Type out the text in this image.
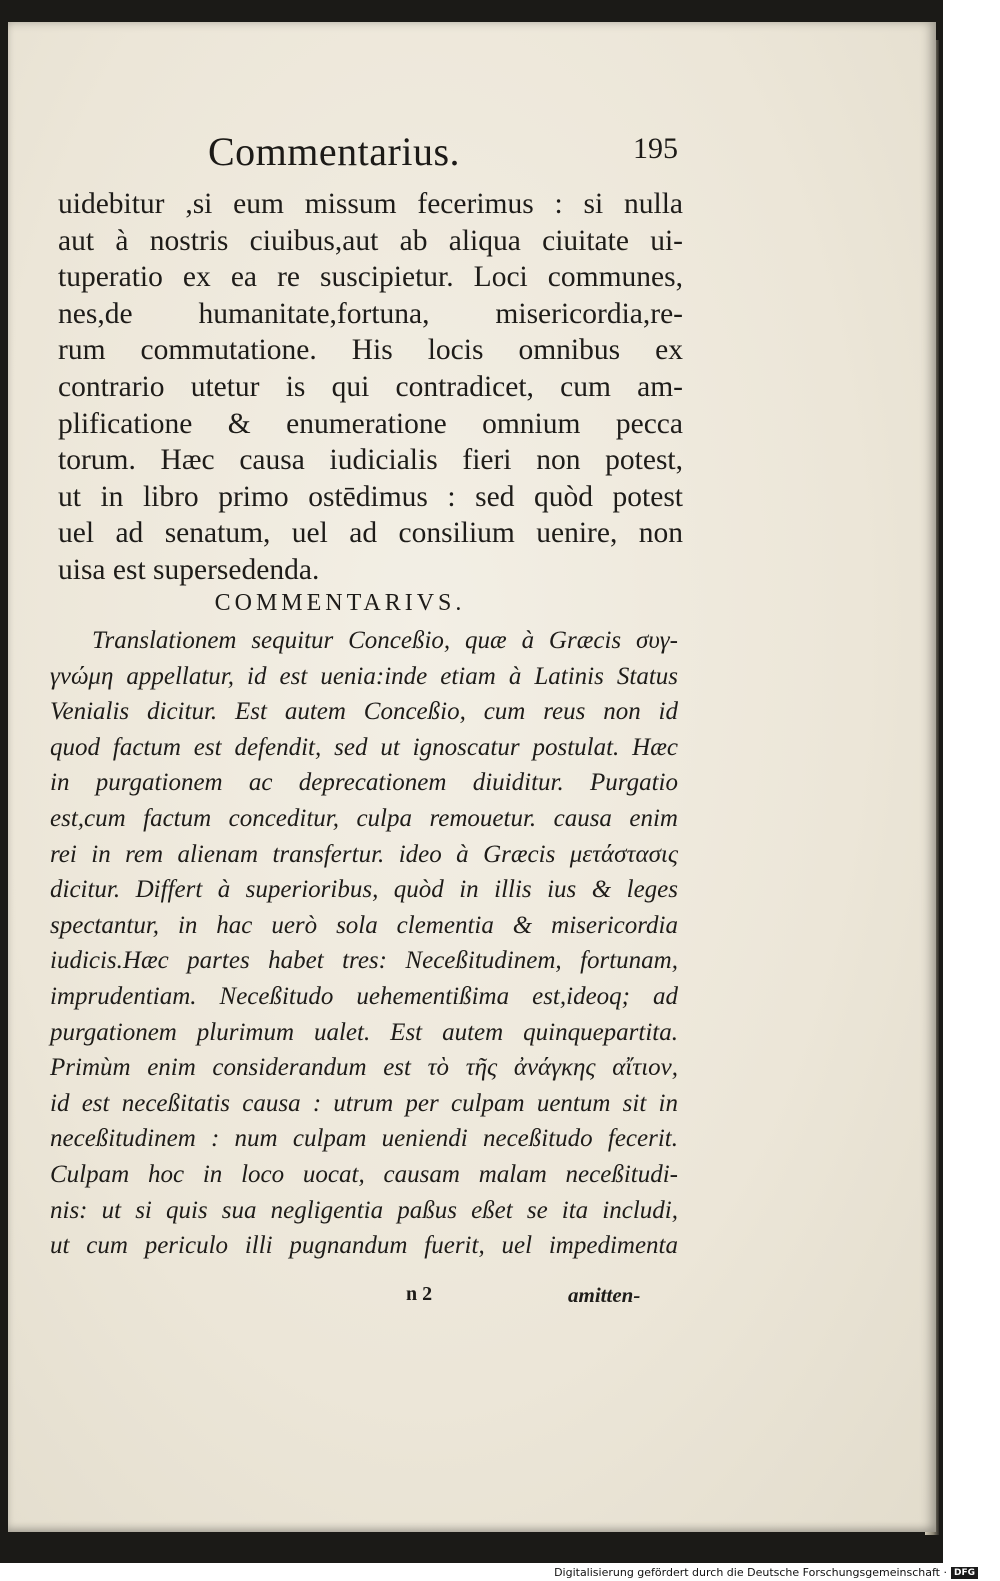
Commentarius.	195
uidebitur ,si eum missum fecerimus : si nulla
aut à nostris ciuibus,aut ab aliqua ciuitate ui-
tuperatio ex ea re suscipietur. Loci communes,
nes,de humanitate,fortuna, misericordia,re-
rum commutatione. His locis omnibus ex
contrario utetur is qui contradicet, cum am-
plificatione & enumeratione omnium pecca
torum. Hæc causa iudicialis fieri non potest,
ut in libro primo ostēdimus : sed quòd potest
uel ad senatum, uel ad consilium uenire, non
uisa est supersedenda.
COMMENTARIVS.
Translationem sequitur Conceßio, quæ à Græcis συγ-
γνώμη appellatur, id est uenia:inde etiam à Latinis Status
Venialis dicitur. Est autem Conceßio, cum reus non id
quod factum est defendit, sed ut ignoscatur postulat. Hæc
in purgationem ac deprecationem diuiditur. Purgatio
est,cum factum conceditur, culpa remouetur. causa enim
rei in rem alienam transfertur. ideo à Græcis μετάστασις
dicitur. Differt à superioribus, quòd in illis ius & leges
spectantur, in hac uerò sola clementia & misericordia
iudicis.Hæc partes habet tres: Neceßitudinem, fortunam,
imprudentiam. Neceßitudo uehementißima est,ideoq; ad
purgationem plurimum ualet. Est autem quinquepartita.
Primùm enim considerandum est τὸ τῆς ἀνάγκης αἴτιον,
id est neceßitatis causa : utrum per culpam uentum sit in
neceßitudinem : num culpam ueniendi neceßitudo fecerit.
Culpam hoc in loco uocat, causam malam neceßitudi-
nis: ut si quis sua negligentia paßus eßet se ita includi,
ut cum periculo illi pugnandum fuerit, uel impedimenta
n 2	amitten-
Digitalisierung gefördert durch die Deutsche Forschungsgemeinschaft · DFG
